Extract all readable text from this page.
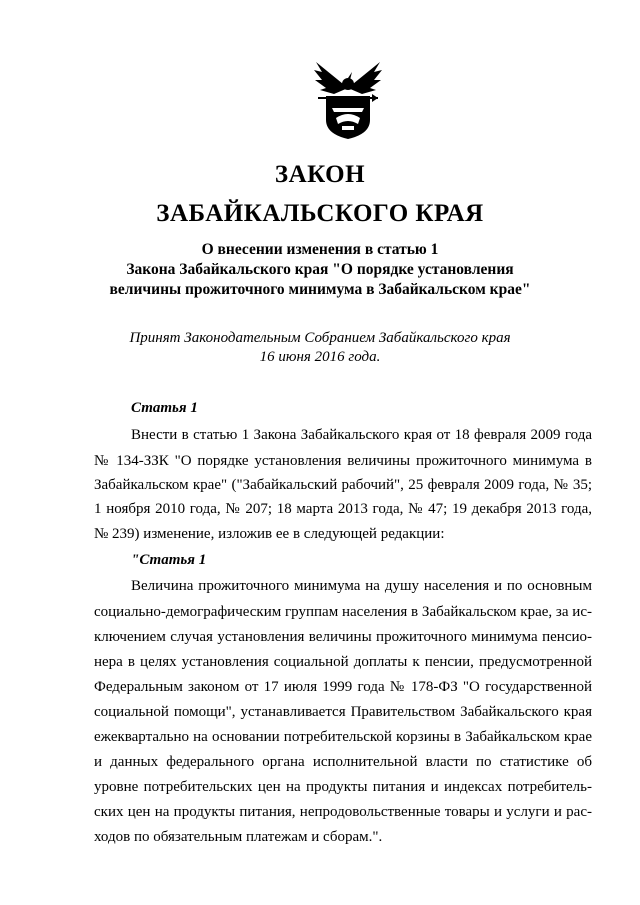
ЗАКОН
ЗАБАЙКАЛЬСКОГО КРАЯ
О внесении изменения в статью 1
Закона Забайкальского края "О порядке установления
величины прожиточного минимума в Забайкальском крае"
Принят Законодательным Собранием Забайкальского края
16 июня 2016 года.
Статья 1
Внести в статью 1 Закона Забайкальского края от 18 февраля 2009 года
№ 134-ЗЗК "О порядке установления величины прожиточного минимума в
Забайкальском крае" ("Забайкальский рабочий", 25 февраля 2009 года, № 35;
1 ноября 2010 года, № 207; 18 марта 2013 года, № 47; 19 декабря 2013 года,
№ 239) изменение, изложив ее в следующей редакции:
"Статья 1
Величина прожиточного минимума на душу населения и по основным
социально-демографическим группам населения в Забайкальском крае, за ис-
ключением случая установления величины прожиточного минимума пенсио-
нера в целях установления социальной доплаты к пенсии, предусмотренной
Федеральным законом от 17 июля 1999 года № 178-ФЗ "О государственной
социальной помощи", устанавливается Правительством Забайкальского края
ежеквартально на основании потребительской корзины в Забайкальском крае
и данных федерального органа исполнительной власти по статистике об
уровне потребительских цен на продукты питания и индексах потребитель-
ских цен на продукты питания, непродовольственные товары и услуги и рас-
ходов по обязательным платежам и сборам.".
